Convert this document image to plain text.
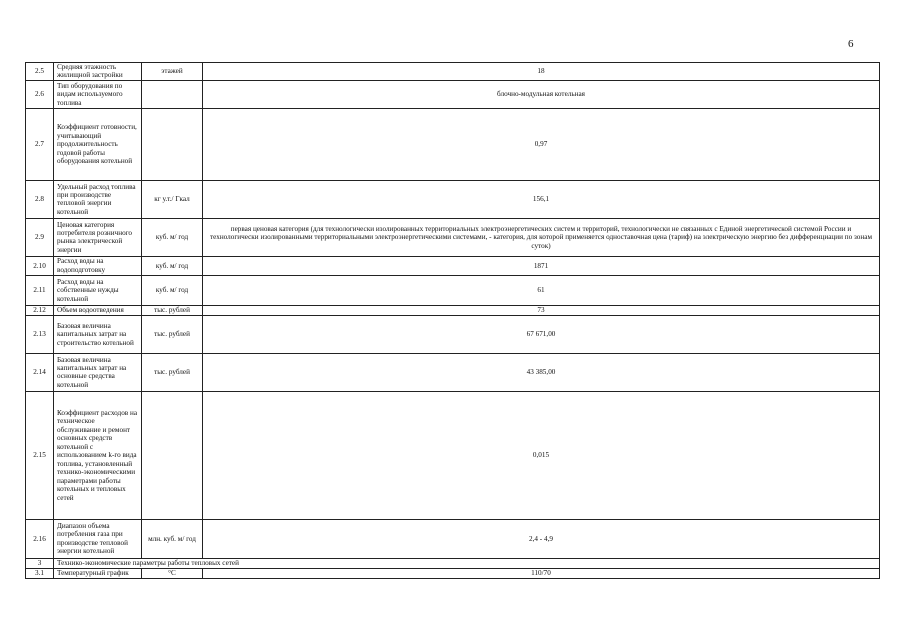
6
2.5	Средняя этажность жилищной застройки	этажей	18
2.6	Тип оборудования по видам используемого топлива		блочно-модульная котельная
2.7	Коэффициент готовности, учитывающий продолжительность годовой работы оборудования котельной		0,97
2.8	Удельный расход топлива при производстве тепловой энергии котельной	кг у.т./ Гкал	156,1
2.9	Ценовая категория потребителя розничного рынка электрической энергии	куб. м/ год	первая ценовая категория (для технологически изолированных территориальных электроэнергетических систем и территорий, технологически не связанных с Единой энергетической системой России и технологически изолированными территориальными электроэнергетическими системами, - категория, для которой применяется одноставочная цена (тариф) на электрическую энергию без дифференциации по зонам суток)
2.10	Расход воды на водоподготовку	куб. м/ год	1871
2.11	Расход воды на собственные нужды котельной	куб. м/ год	61
2.12	Объем водоотведения	тыс. рублей	73
2.13	Базовая величина капитальных затрат на строительство котельной	тыс. рублей	67 671,00
2.14	Базовая величина капитальных затрат на основные средства котельной	тыс. рублей	43 385,00
2.15	Коэффициент расходов на техническое обслуживание и ремонт основных средств котельной с использованием k-го вида топлива, установленный технико-экономическими параметрами работы котельных и тепловых сетей		0,015
2.16	Диапазон объема потребления газа при производстве тепловой энергии котельной	млн. куб. м/ год	2,4 - 4,9
3	Технико-экономические параметры работы тепловых сетей		
3.1	Температурный график	°С	110/70
